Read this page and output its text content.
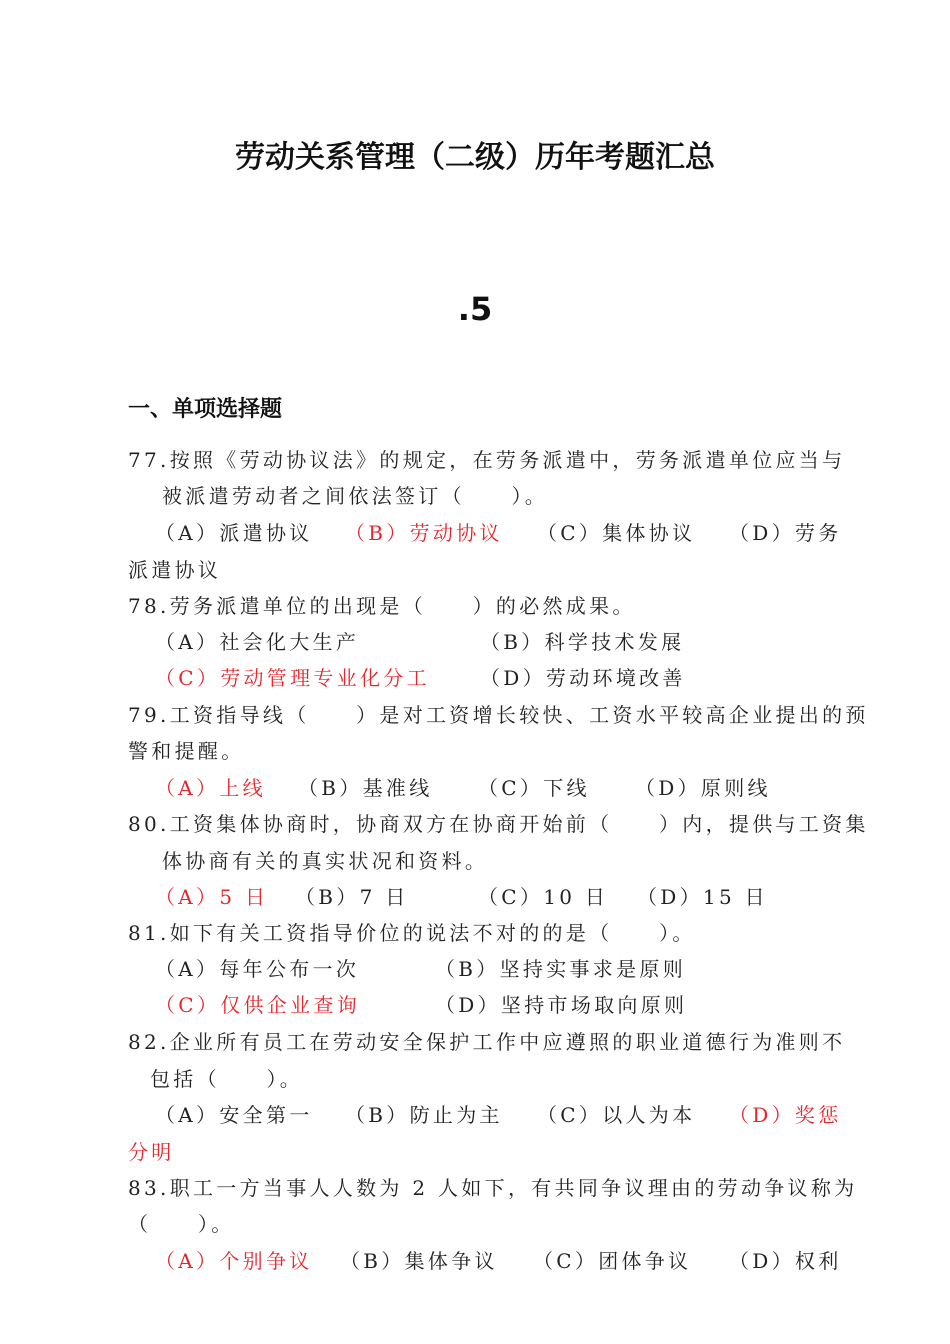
劳动关系管理（二级）历年考题汇总
.5
一、单项选择题
77.按照《劳动协议法》的规定，在劳务派遣中，劳务派遣单位应当与
被派遣劳动者之间依法签订（　　）。
（A）派遣协议 （B）劳动协议 （C）集体协议 （D）劳务
派遣协议
78.劳务派遣单位的出现是（　　）的必然成果。
（A）社会化大生产	（B）科学技术发展
（C）劳动管理专业化分工	（D）劳动环境改善
79.工资指导线（　　）是对工资增长较快、工资水平较高企业提出的预
警和提醒。
（A）上线 （B）基准线 （C）下线 （D）原则线
80.工资集体协商时，协商双方在协商开始前（　　）内，提供与工资集
体协商有关的真实状况和资料。
（A）5 日 （B）7 日	（C）10 日 （D）15 日
81.如下有关工资指导价位的说法不对的的是（　　）。
（A）每年公布一次	（B）坚持实事求是原则
（C）仅供企业查询	（D）坚持市场取向原则
82.企业所有员工在劳动安全保护工作中应遵照的职业道德行为准则不
包括（　　）。
（A）安全第一 （B）防止为主 （C）以人为本 （D）奖惩
分明
83.职工一方当事人人数为 2 人如下，有共同争议理由的劳动争议称为
（　　）。
（A）个别争议 （B）集体争议 （C）团体争议 （D）权利
